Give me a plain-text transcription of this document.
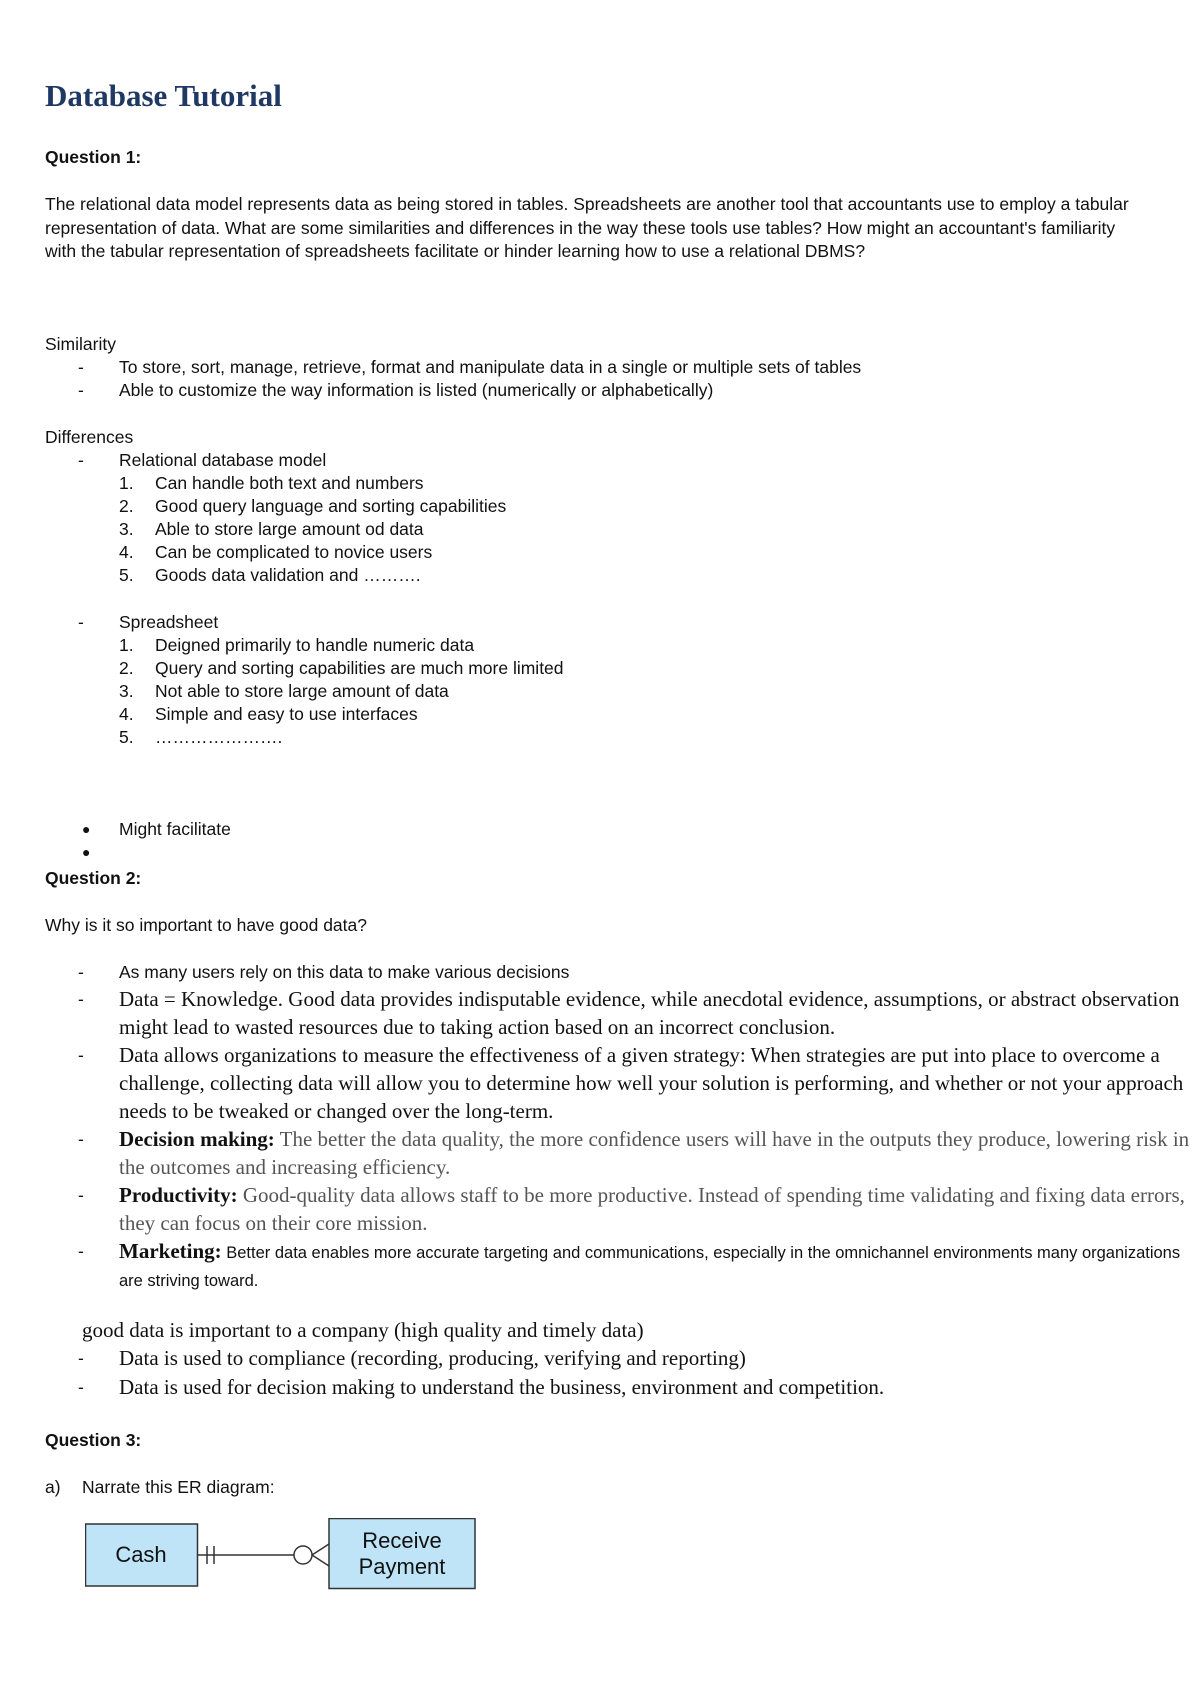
Database Tutorial
Question 1:
The relational data model represents data as being stored in tables. Spreadsheets are another tool that accountants use to employ a tabular representation of data. What are some similarities and differences in the way these tools use tables? How might an accountant's familiarity with the tabular representation of spreadsheets facilitate or hinder learning how to use a relational DBMS?
Similarity
-	To store, sort, manage, retrieve, format and manipulate data in a single or multiple sets of tables
-	Able to customize the way information is listed (numerically or alphabetically)
Differences
-	Relational database model
1.	Can handle both text and numbers
2.	Good query language and sorting capabilities
3.	Able to store large amount od data
4.	Can be complicated to novice users
5.	Goods data validation and ……….
-	Spreadsheet
1.	Deigned primarily to handle numeric data
2.	Query and sorting capabilities are much more limited
3.	Not able to store large amount of data
4.	Simple and easy to use interfaces
5.	………………….
● Might facilitate
●
Question 2:
Why is it so important to have good data?
-	As many users rely on this data to make various decisions
-	Data = Knowledge. Good data provides indisputable evidence, while anecdotal evidence, assumptions, or abstract observation might lead to wasted resources due to taking action based on an incorrect conclusion.
-	Data allows organizations to measure the effectiveness of a given strategy: When strategies are put into place to overcome a challenge, collecting data will allow you to determine how well your solution is performing, and whether or not your approach needs to be tweaked or changed over the long-term.
-	Decision making: The better the data quality, the more confidence users will have in the outputs they produce, lowering risk in the outcomes and increasing efficiency.
-	Productivity: Good-quality data allows staff to be more productive. Instead of spending time validating and fixing data errors, they can focus on their core mission.
-	Marketing: Better data enables more accurate targeting and communications, especially in the omnichannel environments many organizations are striving toward.
good data is important to a company (high quality and timely data)
-	Data is used to compliance (recording, producing, verifying and reporting)
-	Data is used for decision making to understand the business, environment and competition.
Question 3:
a) Narrate this ER diagram:
Cash
Receive
Payment
